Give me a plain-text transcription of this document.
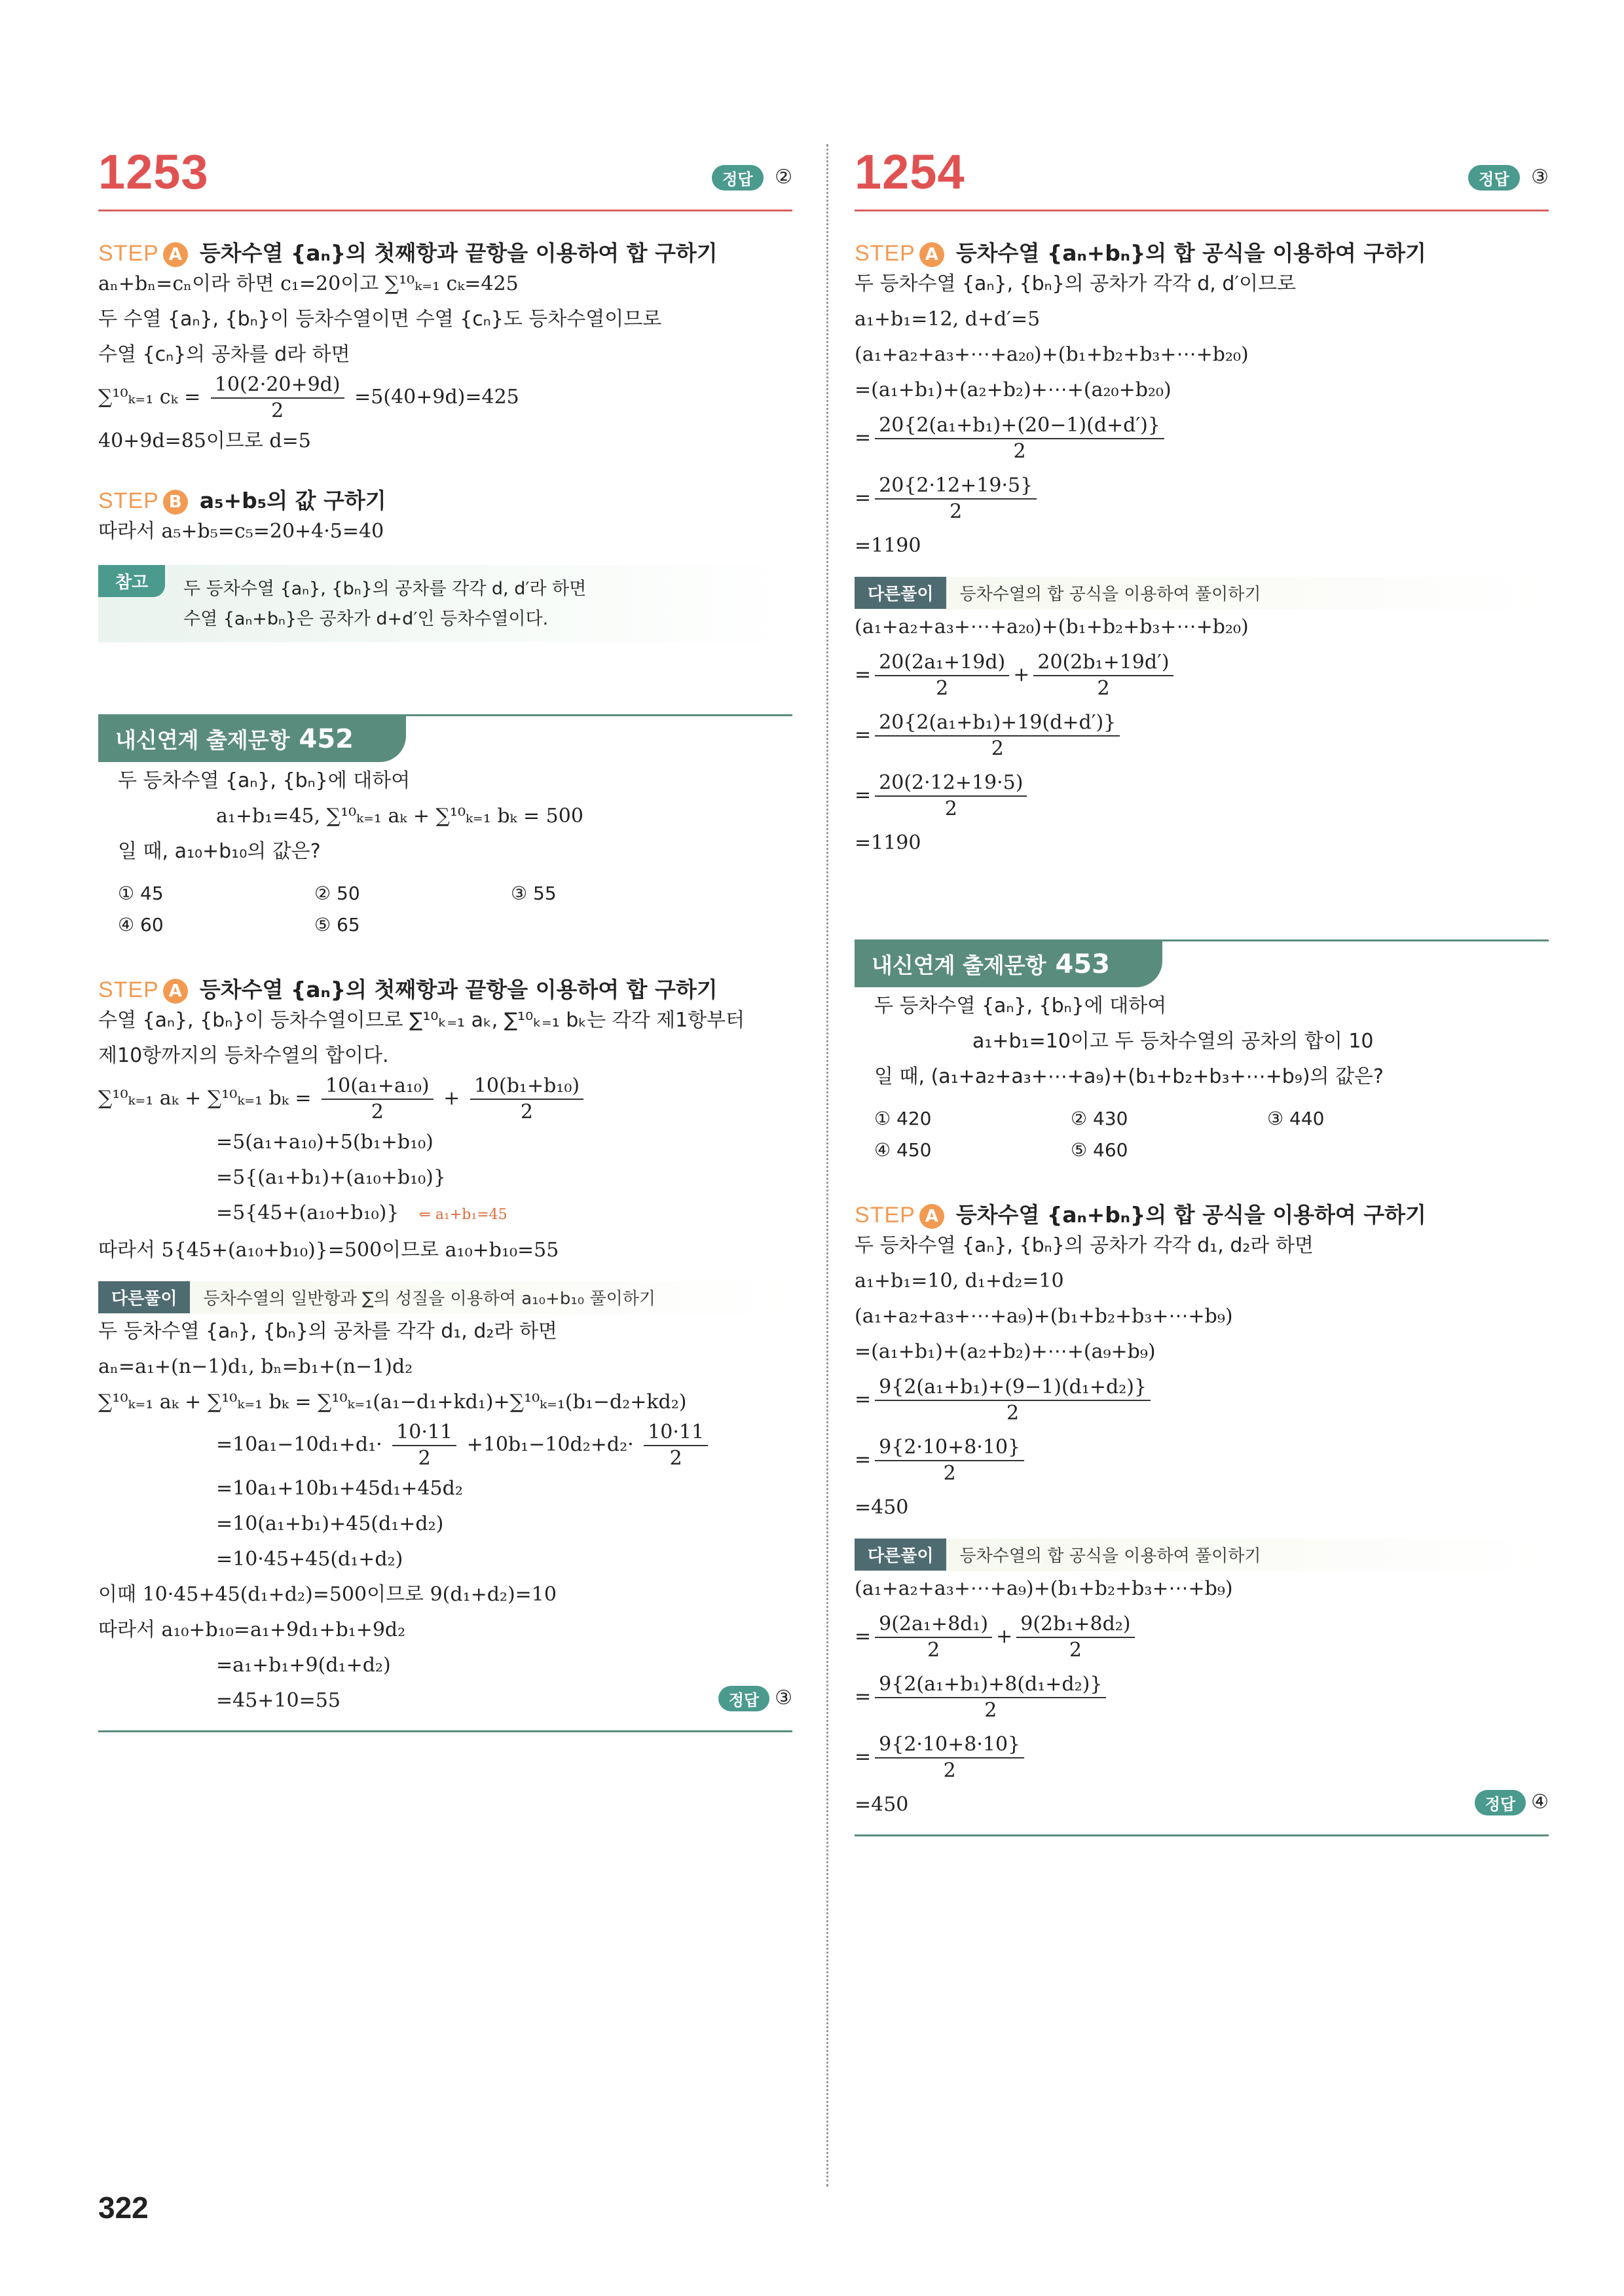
1253	정답 ②
STEP A 등차수열 {aₙ}의 첫째항과 끝항을 이용하여 합 구하기
aₙ+bₙ=cₙ이라 하면 c₁=20이고 ∑¹⁰ₖ₌₁ cₖ=425
두 수열 {aₙ}, {bₙ}이 등차수열이면 수열 {cₙ}도 등차수열이므로
수열 {cₙ}의 공차를 d라 하면
∑¹⁰ₖ₌₁ $c_k = \frac{10(2\cdot 20+9d)}{2} =5(40+9d)=425$
40+9d=85이므로 d=5
STEP B a₅+b₅의 값 구하기
따라서 a₅+b₅=c₅=20+4·5=40
참고	두 등차수열 {aₙ}, {bₙ}의 공차를 각각 d, d′라 하면
수열 {aₙ+bₙ}은 공차가 d+d′인 등차수열이다.
내신연계 출제문항 452
두 등차수열 {aₙ}, {bₙ}에 대하여
a₁+b₁=45, ∑¹⁰ₖ₌₁ aₖ + ∑¹⁰ₖ₌₁ bₖ = 500
일 때, a₁₀+b₁₀의 값은?
① 45	② 50	③ 55
④ 60	⑤ 65
STEP A 등차수열 {aₙ}의 첫째항과 끝항을 이용하여 합 구하기
수열 {aₙ}, {bₙ}이 등차수열이므로 ∑¹⁰ₖ₌₁ aₖ, ∑¹⁰ₖ₌₁ bₖ는 각각 제1항부터
제10항까지의 등차수열의 합이다.
∑¹⁰ₖ₌₁ aₖ + ∑¹⁰ₖ₌₁ $b_k = \frac{\text{10(a₁+a₁₀)}}{2} + \frac{\text{10(b₁+b₁₀)}}{2}$
=5(a₁+a₁₀)+5(b₁+b₁₀)
=5{(a₁+b₁)+(a₁₀+b₁₀)}
=5{45+(a₁₀+b₁₀)} ⇐ a₁+b₁=45
따라서 5{45+(a₁₀+b₁₀)}=500이므로 a₁₀+b₁₀=55
다른풀이 등차수열의 일반항과 ∑의 성질을 이용하여 a₁₀+b₁₀ 풀이하기
두 등차수열 {aₙ}, {bₙ}의 공차를 각각 d₁, d₂라 하면
aₙ=a₁+(n−1)d₁, bₙ=b₁+(n−1)d₂
∑¹⁰ₖ₌₁ aₖ + ∑¹⁰ₖ₌₁ bₖ = ∑¹⁰ₖ₌₁(a₁−d₁+kd₁)+∑¹⁰ₖ₌₁(b₁−d₂+kd₂)
$=10a_1-10d_1+d_1\cdot \frac{10\cdot 11}{2} +10b_1-10d_2+d_2\cdot \frac{10\cdot 11}{2}$
=10a₁+10b₁+45d₁+45d₂
=10(a₁+b₁)+45(d₁+d₂)
=10·45+45(d₁+d₂)
이때 10·45+45(d₁+d₂)=500이므로 9(d₁+d₂)=10
따라서 a₁₀+b₁₀=a₁+9d₁+b₁+9d₂
=a₁+b₁+9(d₁+d₂)
=45+10=55	정답 ③
1254	정답 ③
STEP A 등차수열 {aₙ+bₙ}의 합 공식을 이용하여 구하기
두 등차수열 {aₙ}, {bₙ}의 공차가 각각 d, d′이므로
a₁+b₁=12, d+d′=5
(a₁+a₂+a₃+⋯+a₂₀)+(b₁+b₂+b₃+⋯+b₂₀)
=(a₁+b₁)+(a₂+b₂)+⋯+(a₂₀+b₂₀)
= $\frac{\text{20\{2(a₁+b₁)+(20−1)(d+d′)\}}}{2}$
= $\frac{20\{2\cdot 12+19\cdot 5\}}{2}$
=1190
다른풀이 등차수열의 합 공식을 이용하여 풀이하기
(a₁+a₂+a₃+⋯+a₂₀)+(b₁+b₂+b₃+⋯+b₂₀)
= $\frac{\text{20(2a₁+19d)}}{2} + \frac{\text{20(2b₁+19d′)}}{2}$
= $\frac{\text{20\{2(a₁+b₁)+19(d+d′)\}}}{2}$
= $\frac{20(2\cdot 12+19\cdot 5)}{2}$
=1190
내신연계 출제문항 453
두 등차수열 {aₙ}, {bₙ}에 대하여
a₁+b₁=10이고 두 등차수열의 공차의 합이 10
일 때, (a₁+a₂+a₃+⋯+a₉)+(b₁+b₂+b₃+⋯+b₉)의 값은?
① 420	② 430	③ 440
④ 450	⑤ 460
STEP A 등차수열 {aₙ+bₙ}의 합 공식을 이용하여 구하기
두 등차수열 {aₙ}, {bₙ}의 공차가 각각 d₁, d₂라 하면
a₁+b₁=10, d₁+d₂=10
(a₁+a₂+a₃+⋯+a₉)+(b₁+b₂+b₃+⋯+b₉)
=(a₁+b₁)+(a₂+b₂)+⋯+(a₉+b₉)
= $\frac{\text{9\{2(a₁+b₁)+(9−1)(d₁+d₂)\}}}{2}$
= $\frac{9\{2\cdot 10+8\cdot 10\}}{2}$
=450
다른풀이 등차수열의 합 공식을 이용하여 풀이하기
(a₁+a₂+a₃+⋯+a₉)+(b₁+b₂+b₃+⋯+b₉)
= $\frac{\text{9(2a₁+8d₁)}}{2} + \frac{\text{9(2b₁+8d₂)}}{2}$
= $\frac{\text{9\{2(a₁+b₁)+8(d₁+d₂)\}}}{2}$
= $\frac{9\{2\cdot 10+8\cdot 10\}}{2}$
=450	정답 ④
322
